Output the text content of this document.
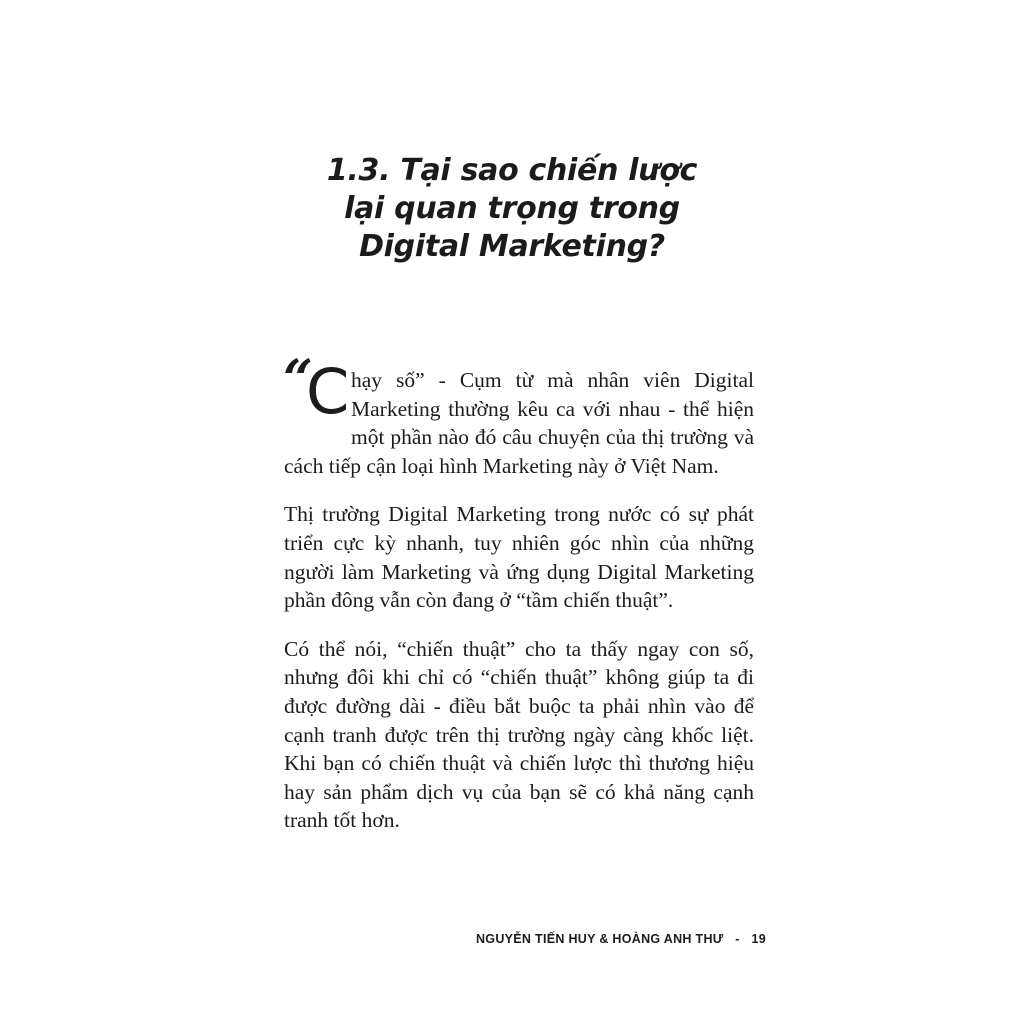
1.3. Tại sao chiến lược
lại quan trọng trong
Digital Marketing?

“
C hạy số” - Cụm từ mà nhân viên Digital Marketing thường kêu ca với nhau - thể hiện một phần nào đó câu chuyện của thị trường và cách tiếp cận loại hình Marketing này ở Việt Nam.

Thị trường Digital Marketing trong nước có sự phát triển cực kỳ nhanh, tuy nhiên góc nhìn của những người làm Marketing và ứng dụng Digital Marketing phần đông vẫn còn đang ở “tầm chiến thuật”.

Có thể nói, “chiến thuật” cho ta thấy ngay con số, nhưng đôi khi chỉ có “chiến thuật” không giúp ta đi được đường dài - điều bắt buộc ta phải nhìn vào để cạnh tranh được trên thị trường ngày càng khốc liệt. Khi bạn có chiến thuật và chiến lược thì thương hiệu hay sản phẩm dịch vụ của bạn sẽ có khả năng cạnh tranh tốt hơn.

NGUYỄN TIẾN HUY & HOÀNG ANH THƯ - 19
